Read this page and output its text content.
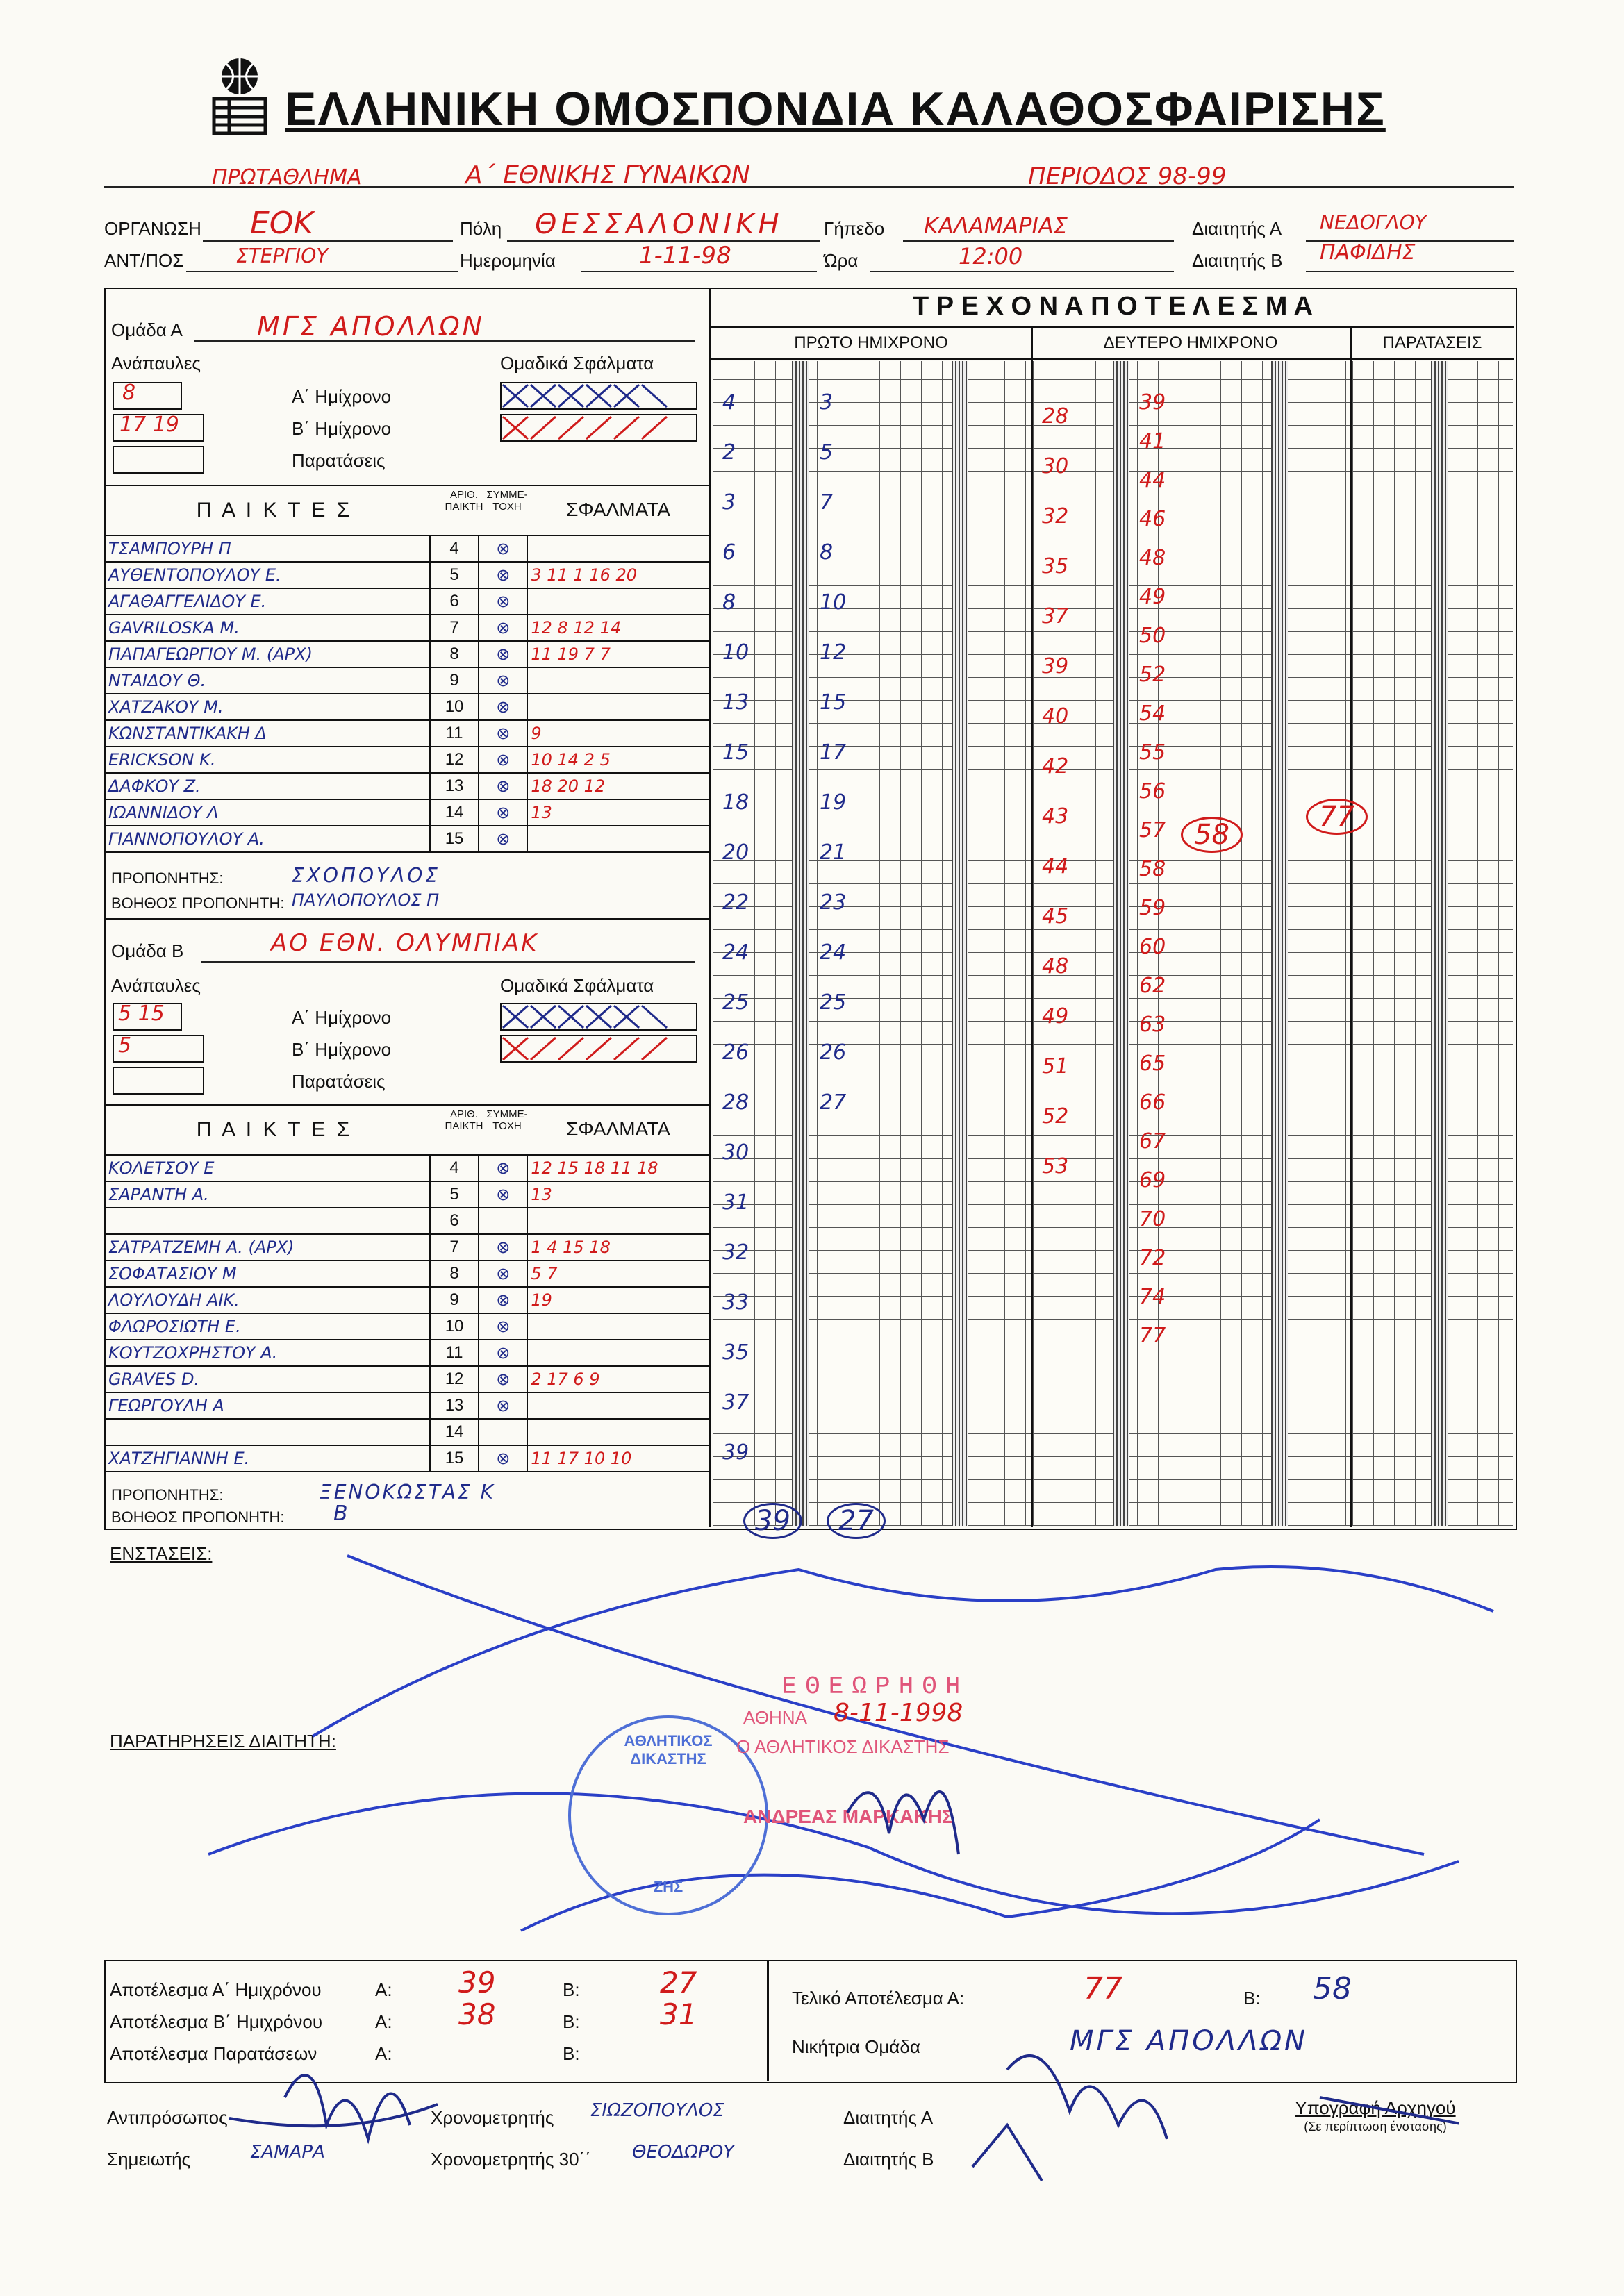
ΕΛΛΗΝΙΚΗ ΟΜΟΣΠΟΝΔΙΑ ΚΑΛΑΘΟΣΦΑΙΡΙΣΗΣ
ΠΡΩΤΑΘΛΗΜΑ	Α΄ ΕΘΝΙΚΗΣ ΓΥΝΑΙΚΩΝ	ΠΕΡΙΟΔΟΣ 98-99
ΟΡΓΑΝΩΣΗ ΕΟΚ	Πόλη ΘΕΣΣΑΛΟΝΙΚΗ Γήπεδο ΚΑΛΑΜΑΡΙΑΣ	Διαιτητής Α ΝΕΔΟΓΛΟΥ
ΑΝΤ/ΠΟΣ	ΣΤΕΡΓΙΟΥ	Ημερομηνία	1-11-98	Ώρα	12:00	Διαιτητής Β ΠΑΦΙΔΗΣ
Ομάδα Α	ΜΓΣ ΑΠΟΛΛΩΝ
Ανάπαυλες	Ομαδικά Σφάλματα
8
17 19
Α΄ Ημίχρονο
Β΄ Ημίχρονο
Παρατάσεις
Π Α Ι Κ Τ Ε Σ
ΑΡΙΘ. ΠΑΙΚΤΗ
ΣΥΜΜΕ-ΤΟΧΗ	ΣΦΑΛΜΑΤΑ
ΤΣΑΜΠΟΥΡΗ Π	4	⊗	
ΑΥΘΕΝΤΟΠΟΥΛΟΥ Ε.	5	⊗	3 11 1 16 20
ΑΓΑΘΑΓΓΕΛΙΔΟΥ Ε.	6	⊗	
GAVRILOSKA M.	7	⊗	12 8 12 14
ΠΑΠΑΓΕΩΡΓΙΟΥ Μ. (ΑΡΧ)	8	⊗	11 19 7 7
ΝΤΑΙΔΟΥ Θ.	9	⊗	
ΧΑΤΖΑΚΟΥ Μ.	10	⊗	
ΚΩΝΣΤΑΝΤΙΚΑΚΗ Δ	11	⊗	9
ERICKSON K.	12	⊗	10 14 2 5
ΔΑΦΚΟΥ Ζ.	13	⊗	18 20 12
ΙΩΑΝΝΙΔΟΥ Λ	14	⊗	13
ΓΙΑΝΝΟΠΟΥΛΟΥ Α.	15	⊗	
ΠΡΟΠΟΝΗΤΗΣ:	ΣΧΟΠΟΥΛΟΣ
ΒΟΗΘΟΣ ΠΡΟΠΟΝΗΤΗ: ΠΑΥΛΟΠΟΥΛΟΣ Π
Ομάδα Β	ΑΟ ΕΘΝ. ΟΛΥΜΠΙΑΚ
Ανάπαυλες	Ομαδικά Σφάλματα
5 15
5
Α΄ Ημίχρονο
Β΄ Ημίχρονο
Παρατάσεις
Π Α Ι Κ Τ Ε Σ
ΑΡΙΘ. ΠΑΙΚΤΗ
ΣΥΜΜΕ-ΤΟΧΗ	ΣΦΑΛΜΑΤΑ
ΚΟΛΕΤΣΟΥ Ε	4	⊗	12 15 18 11 18
ΣΑΡΑΝΤΗ Α.	5	⊗	13
	6		
ΣΑΤΡΑΤΖΕΜΗ Α. (ΑΡΧ)	7	⊗	1 4 15 18
ΣΟΦΑΤΑΣΙΟΥ Μ	8	⊗	5 7
ΛΟΥΛΟΥΔΗ ΑΙΚ.	9	⊗	19
ΦΛΩΡΟΣΙΩΤΗ Ε.	10	⊗	
ΚΟΥΤΖΟΧΡΗΣΤΟΥ Α.	11	⊗	
GRAVES D.	12	⊗	2 17 6 9
ΓΕΩΡΓΟΥΛΗ Α	13	⊗	
	14		
ΧΑΤΖΗΓΙΑΝΝΗ Ε.	15	⊗	11 17 10 10
ΠΡΟΠΟΝΗΤΗΣ:	ΞΕΝΟΚΩΣΤΑΣ Κ
ΒΟΗΘΟΣ ΠΡΟΠΟΝΗΤΗ: Β
Τ Ρ Ε Χ Ο Ν Α Π Ο Τ Ε Λ Ε Σ Μ Α
ΠΡΩΤΟ ΗΜΙΧΡΟΝΟ	ΔΕΥΤΕΡΟ ΗΜΙΧΡΟΝΟ	ΠΑΡΑΤΑΣΕΙΣ
4
2
3
6
8
10
13
15
18
20
22
24
25
26
28
30
31
32
33
35
37
39
3
5
7
8
10
12
15
17
19
21
23
24
25
26
27
28
30
32
35
37
39
40
42
43
44
45
48
49
51
52
53
39
41
44
46
48
49
50
52
54
55
56
57
58
59
60
62
63
65
66
67
69
70
72
74
77
39	27
58
77
ΕΝΣΤΑΣΕΙΣ:
ΠΑΡΑΤΗΡΗΣΕΙΣ ΔΙΑΙΤΗΤΗ:	ΑΘΛΗΤΙΚΟΣ ΔΙΚΑΣΤΗΣ
ΖΗΣ
ΕΘΕΩΡΗΘΗ
ΑΘΗΝΑ 8-11-1998
Ο ΑΘΛΗΤΙΚΟΣ ΔΙΚΑΣΤΗΣ
ΑΝΔΡΕΑΣ ΜΑΡΚΑΚΗΣ
Αποτέλεσμα Α΄ Ημιχρόνου	Α: 39	Β:	27
Αποτέλεσμα Β΄ Ημιχρόνου	Α: 38	Β:	31
Αποτέλεσμα Παρατάσεων	Α:	Β:
Τελικό Αποτέλεσμα Α:	77	Β: 58
Νικήτρια Ομάδα	ΜΓΣ ΑΠΟΛΛΩΝ
Αντιπρόσωπος	Χρονομετρητής ΣΙΩΖΟΠΟΥΛΟΣ	Διαιτητής Α
Σημειωτής	ΣΑΜΑΡΑ	Χρονομετρητής 30΄΄ ΘΕΟΔΩΡΟΥ	Διαιτητής Β
Υπογραφή Αρχηγού
(Σε περίπτωση ένστασης)
